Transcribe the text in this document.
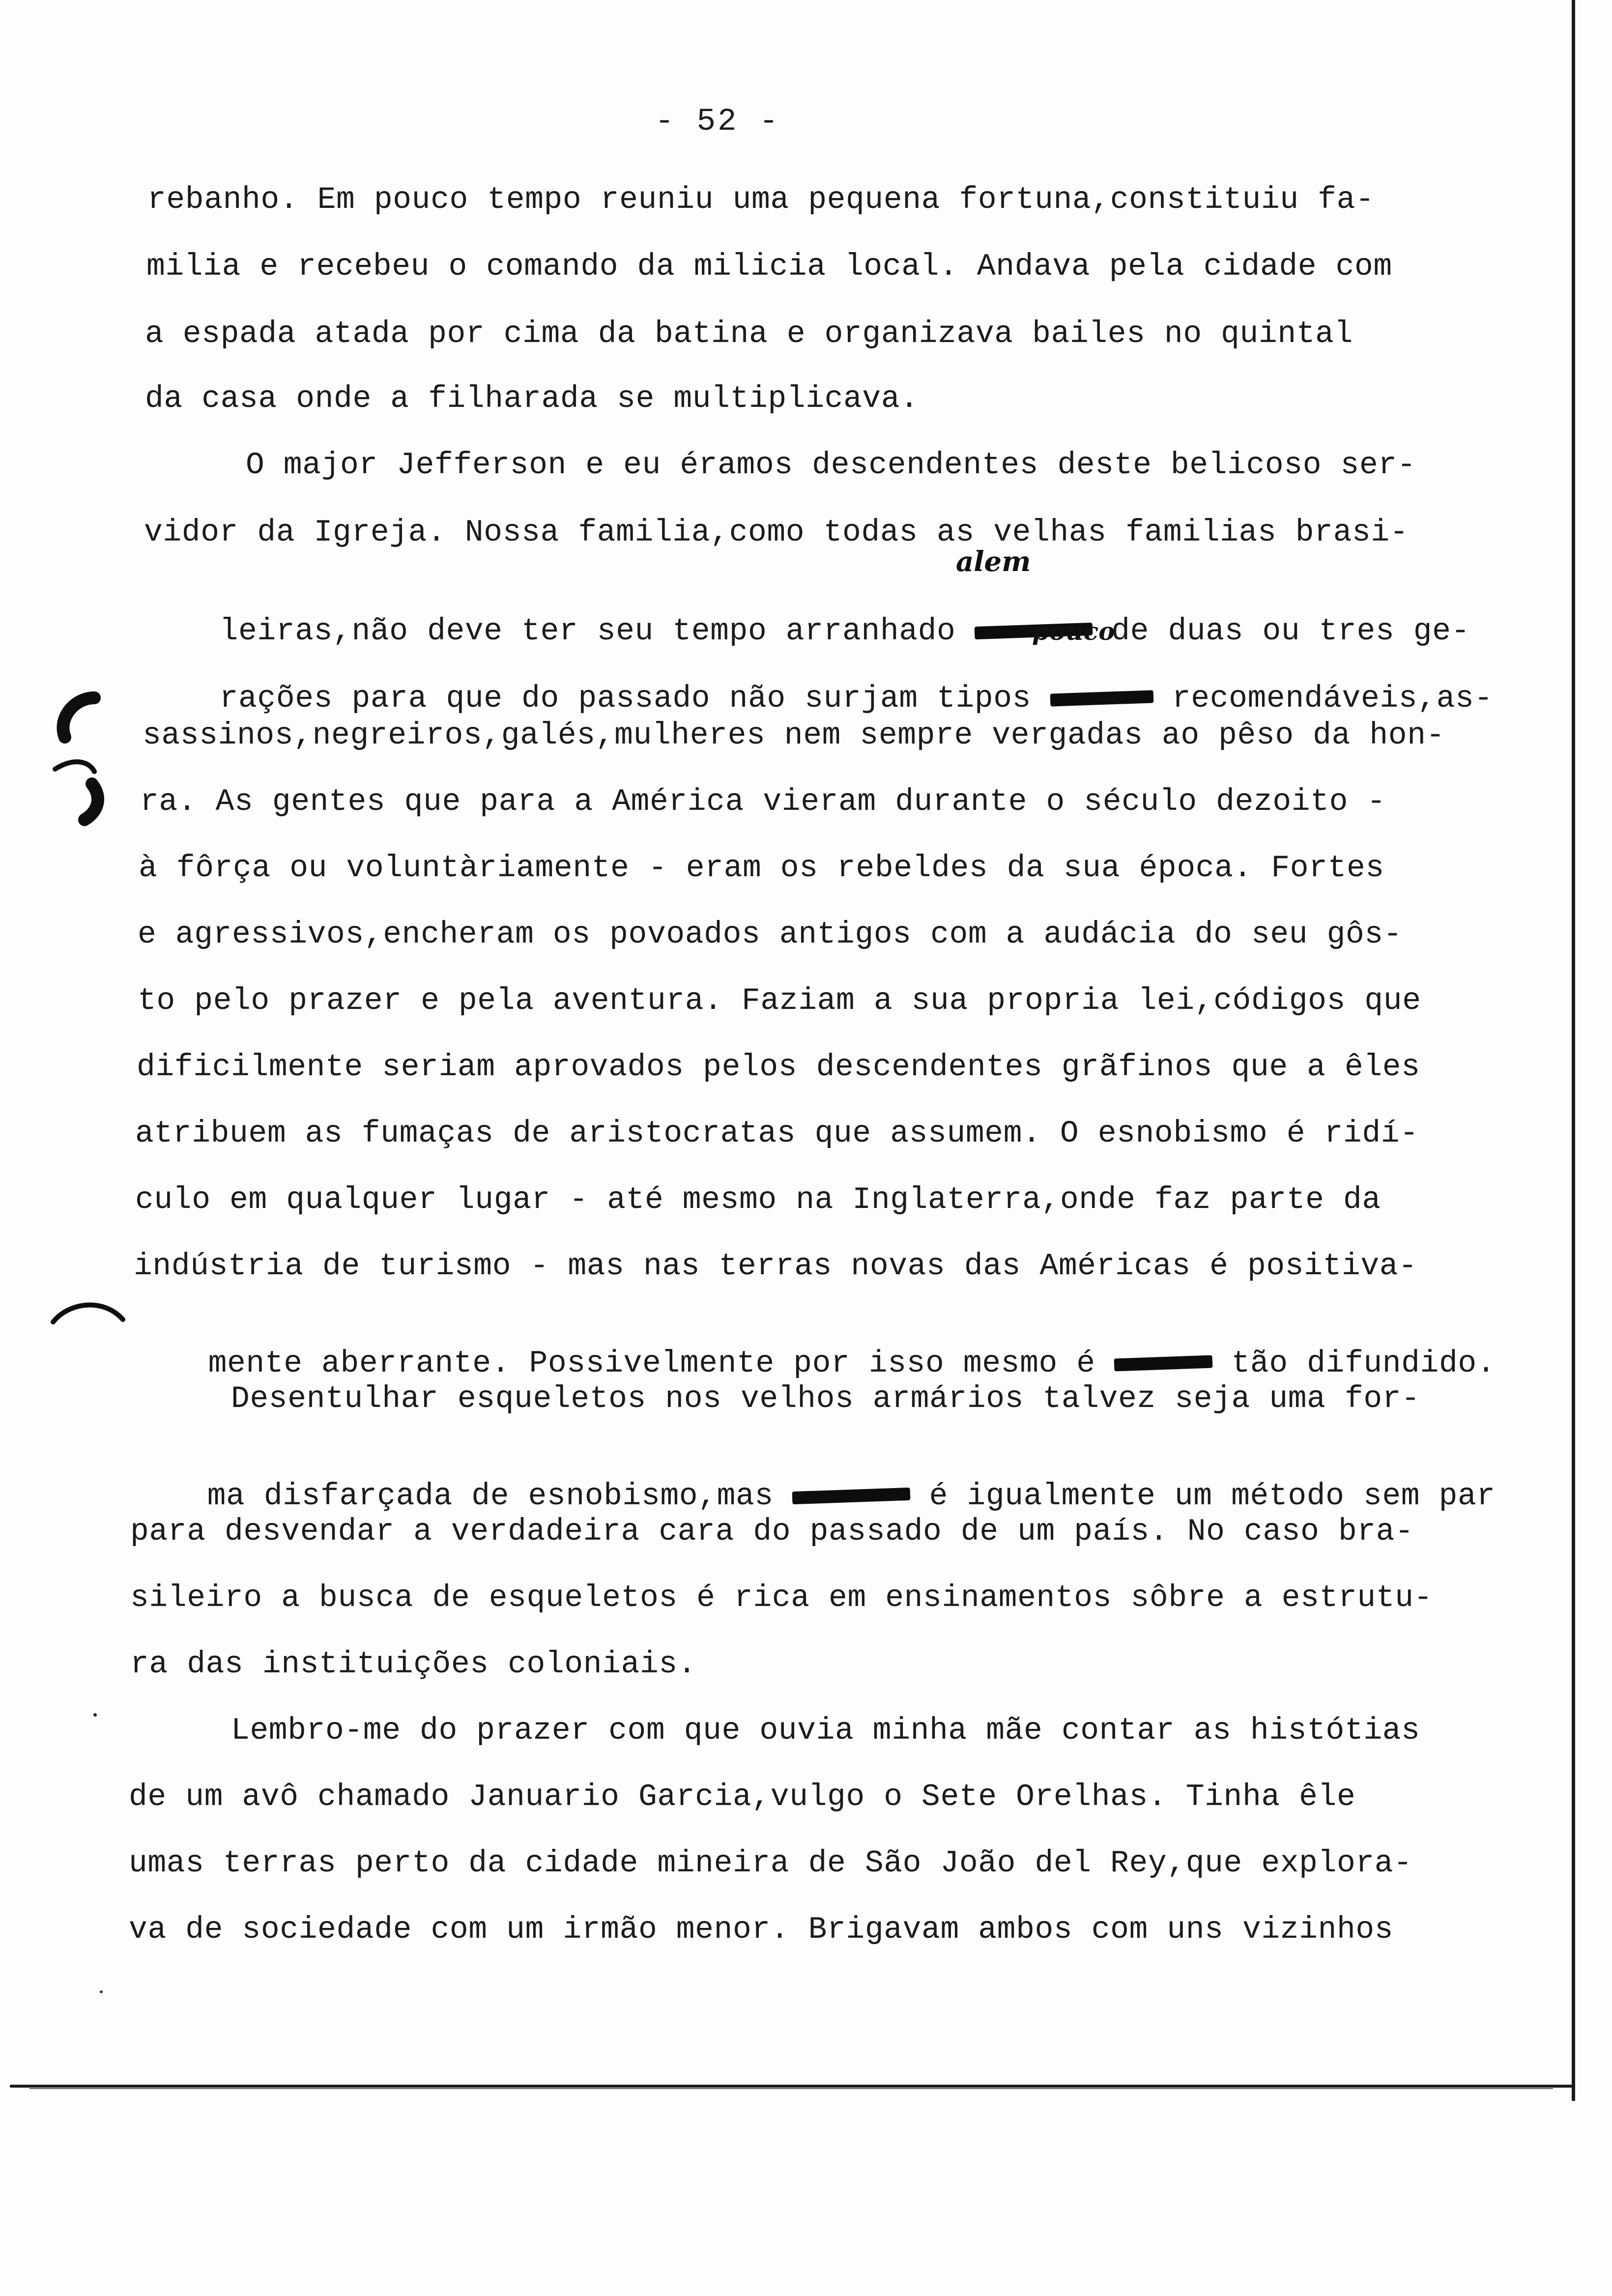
- 52 -
rebanho. Em pouco tempo reuniu uma pequena fortuna,constituiu fa-
milia e recebeu o comando da milicia local. Andava pela cidade com
a espada atada por cima da batina e organizava bailes no quintal
da casa onde a filharada se multiplicava.
O major Jefferson e eu éramos descendentes deste belicoso ser-
vidor da Igreja. Nossa familia,como todas as velhas familias brasi-
alem

leiras,não deve ter seu tempo arranhado	de duas ou tres ge-

pouco

rações para que do passado não surjam tipos	recomendáveis,as-

sassinos,negreiros,galés,mulheres nem sempre vergadas ao pêso da hon-
ra. As gentes que para a América vieram durante o século dezoito -
à fôrça ou voluntàriamente - eram os rebeldes da sua época. Fortes
e agressivos,encheram os povoados antigos com a audácia do seu gôs-
to pelo prazer e pela aventura. Faziam a sua propria lei,códigos que
dificilmente seriam aprovados pelos descendentes grãfinos que a êles
atribuem as fumaças de aristocratas que assumem. O esnobismo é ridí-
culo em qualquer lugar - até mesmo na Inglaterra,onde faz parte da
indústria de turismo - mas nas terras novas das Américas é positiva-

mente aberrante. Possivelmente por isso mesmo é	tão difundido.

Desentulhar esqueletos nos velhos armários talvez seja uma for-

ma disfarçada de esnobismo,mas	é igualmente um método sem par

para desvendar a verdadeira cara do passado de um país. No caso bra-
sileiro a busca de esqueletos é rica em ensinamentos sôbre a estrutu-
ra das instituições coloniais.
Lembro-me do prazer com que ouvia minha mãe contar as histótias
de um avô chamado Januario Garcia,vulgo o Sete Orelhas. Tinha êle
umas terras perto da cidade mineira de São João del Rey,que explora-
va de sociedade com um irmão menor. Brigavam ambos com uns vizinhos
